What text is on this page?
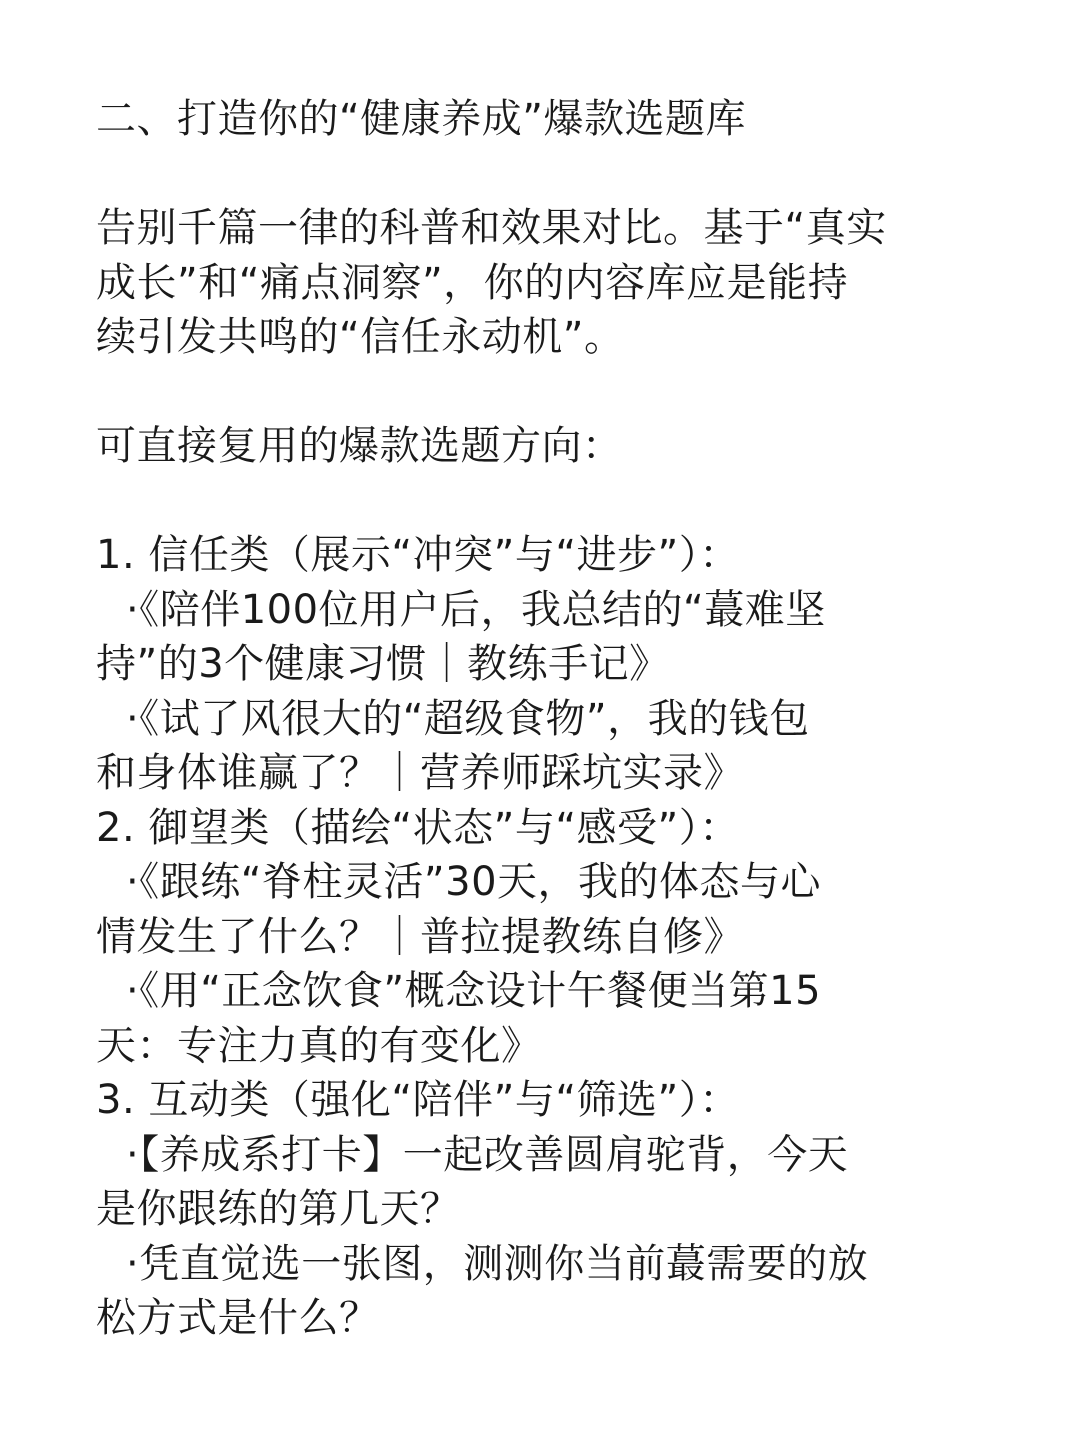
二、打造你的“健康养成”爆款选题库
告别千篇一律的科普和效果对比。基于“真实
成长”和“痛点洞察”，你的内容库应是能持
续引发共鸣的“信任永动机”。
可直接复用的爆款选题方向：
1. 信任类（展示“冲突”与“进步”）：
·《陪伴100位用户后，我总结的“蕞难坚
持”的3个健康习惯｜教练手记》
·《试了风很大的“超级食物”，我的钱包
和身体谁赢了？｜营养师踩坑实录》
2. 御望类（描绘“状态”与“感受”）：
·《跟练“脊柱灵活”30天，我的体态与心
情发生了什么？｜普拉提教练自修》
·《用“正念饮食”概念设计午餐便当第15
天：专注力真的有变化》
3. 互动类（强化“陪伴”与“筛选”）：
·【养成系打卡】一起改善圆肩驼背，今天
是你跟练的第几天？
·凭直觉选一张图，测测你当前蕞需要的放
松方式是什么？
